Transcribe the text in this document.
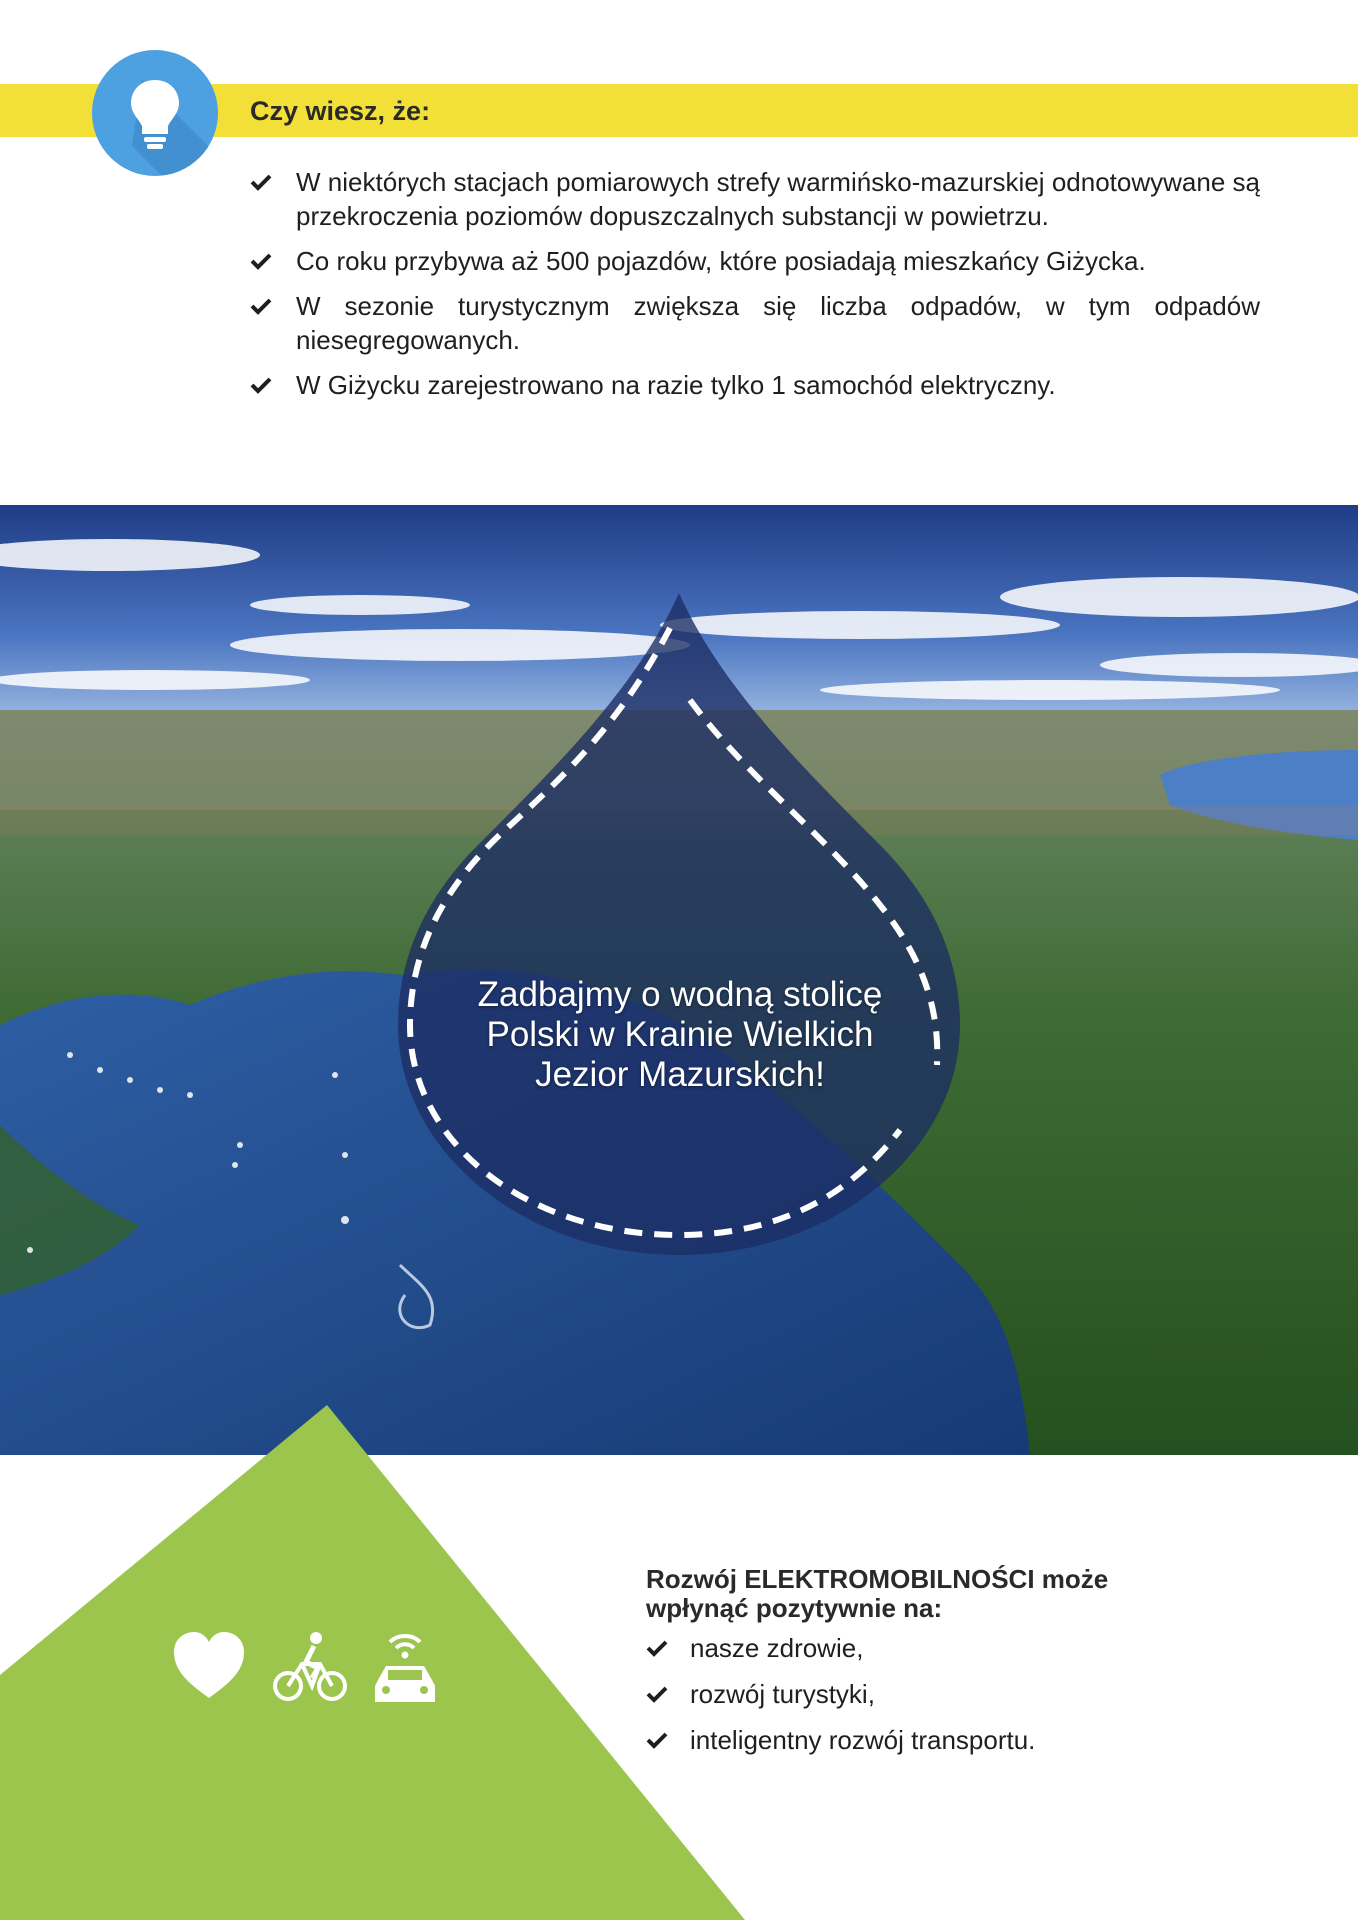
Czy wiesz, że:
W niektórych stacjach pomiarowych strefy warmińsko-mazurskiej odnotowywane są przekroczenia poziomów dopuszczalnych substancji w powietrzu.
Co roku przybywa aż 500 pojazdów, które posiadają mieszkańcy Giżycka.
W sezonie turystycznym zwiększa się liczba odpadów, w tym odpadów niesegregowanych.
W Giżycku zarejestrowano na razie tylko 1 samochód elektryczny.
Zadbajmy o wodną stolicę
Polski w Krainie Wielkich
Jezior Mazurskich!
Rozwój ELEKTROMOBILNOŚCI może
wpłynąć pozytywnie na:
nasze zdrowie,
rozwój turystyki,
inteligentny rozwój transportu.
